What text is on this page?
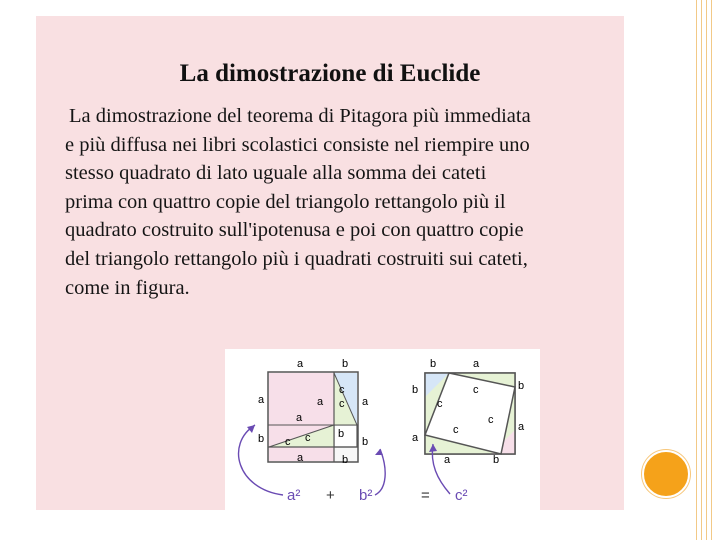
La dimostrazione di Euclide
La dimostrazione del teorema di Pitagora più immediata
e più diffusa nei libri scolastici consiste nel riempire uno
stesso quadrato di lato uguale alla somma dei cateti
prima con quattro copie del triangolo rettangolo più il
quadrato costruito sull'ipotenusa e poi con quattro copie
del triangolo rettangolo più i quadrati costruiti sui cateti,
come in figura.
a	b
a
b
a
c
c a
a
c c	b
b
a	b
b	a
b
a
c
c
c
c
b
a
a	b
a² + b²	= c²
